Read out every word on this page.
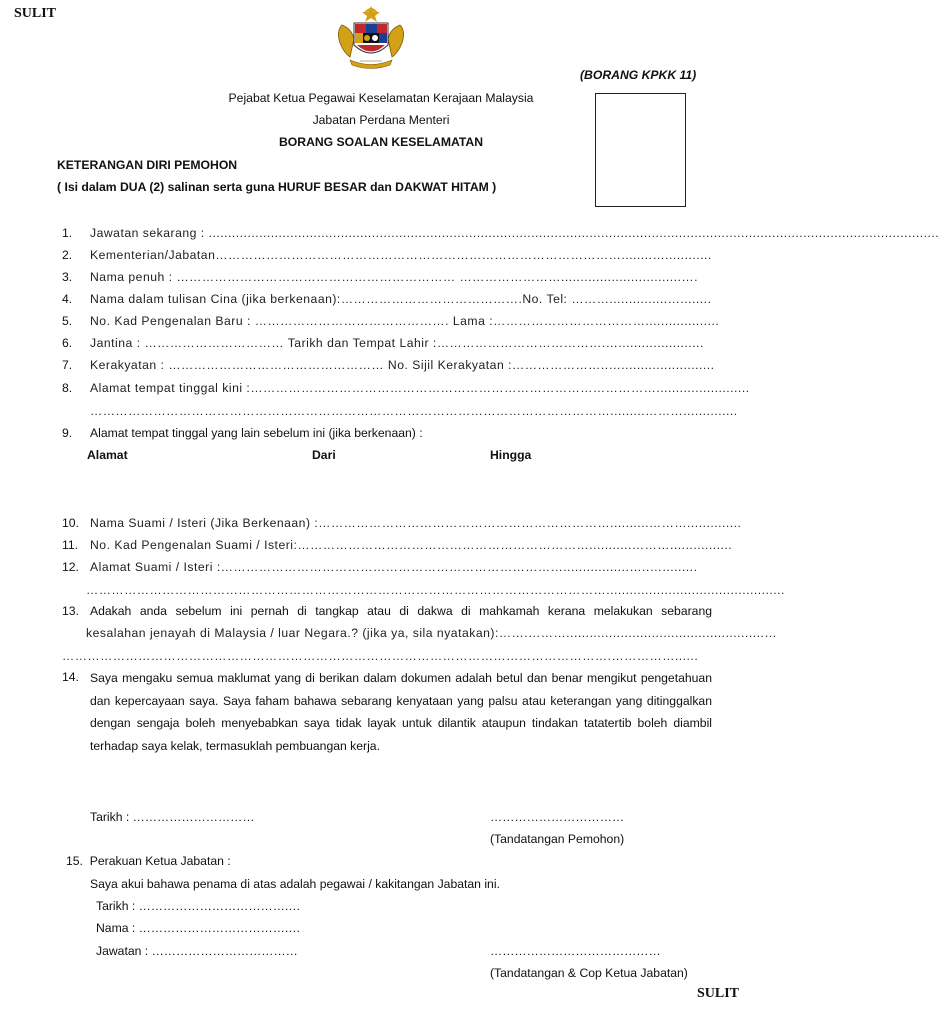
SULIT
(BORANG KPKK 11)
Pejabat Ketua Pegawai Keselamatan Kerajaan Malaysia
Jabatan Perdana Menteri
BORANG SOALAN KESELAMATAN
KETERANGAN DIRI PEMOHON
( Isi dalam DUA (2) salinan serta guna HURUF BESAR dan DAKWAT HITAM )
1. Jawatan sekarang : ............................................................................................................................................................................................
2. Kementerian/Jabatan……………………………………………………………………………………........…............
3. Nama penuh : ………………………………………………………… ……………………...............................….
4. Nama dalam tulisan Cina (jika berkenaan):…………………………………….No. Tel: ………...............…........
5. No. Kad Pengenalan Baru : ………………………………………. Lama :………………………………...................
6. Jantina : …………………………… Tarikh dan Tempat Lahir :………………………………….…......................
7. Kerakyatan : …………………………………………… No. Sijil Kerakyatan :…………………..…........................
8. Alamat tempat tinggal kini :……………………………………………………………………………………........................
…………………………………………………………………………………………………………….........………..............
9. Alamat tempat tinggal yang lain sebelum ini (jika berkenaan) :
Alamat	Dari	Hingga
10. Nama Suami / Isteri (Jika Berkenaan) :……………………………………………………………..........………..............
11. No. Kad Pengenalan Suami / Isteri:……………………………………………………………...........………................
12. Alamat Suami / Isteri :……………………………………………………………………….................…..….........
……………………………………………………………………………………………………………..............................................
13. Adakah anda sebelum ini pernah di tangkap atau di dakwa di mahkamah kerana melakukan sebarang
kesalahan jenayah di Malaysia / luar Negara.? (jika ya, sila nyatakan):…….………...................................................…
………………………………………………………………………………………………………………….……………......
14. Saya mengaku semua maklumat yang di berikan dalam dokumen adalah betul dan benar mengikut pengetahuan dan kepercayaan saya. Saya faham bahawa sebarang kenyataan yang palsu atau keterangan yang ditinggalkan dengan sengaja boleh menyebabkan saya tidak layak untuk dilantik ataupun tindakan tatatertib boleh diambil terhadap saya kelak, termasuklah pembuangan kerja.
Tarikh : …………………………	……………………………
(Tandatangan Pemohon)
15. Perakuan Ketua Jabatan :
Saya akui bahawa penama di atas adalah pegawai / kakitangan Jabatan ini.
Tarikh : ……………………………….…
Nama : ……………………………….…
Jawatan : ………………………………	……………………………………
(Tandatangan & Cop Ketua Jabatan)
SULIT
